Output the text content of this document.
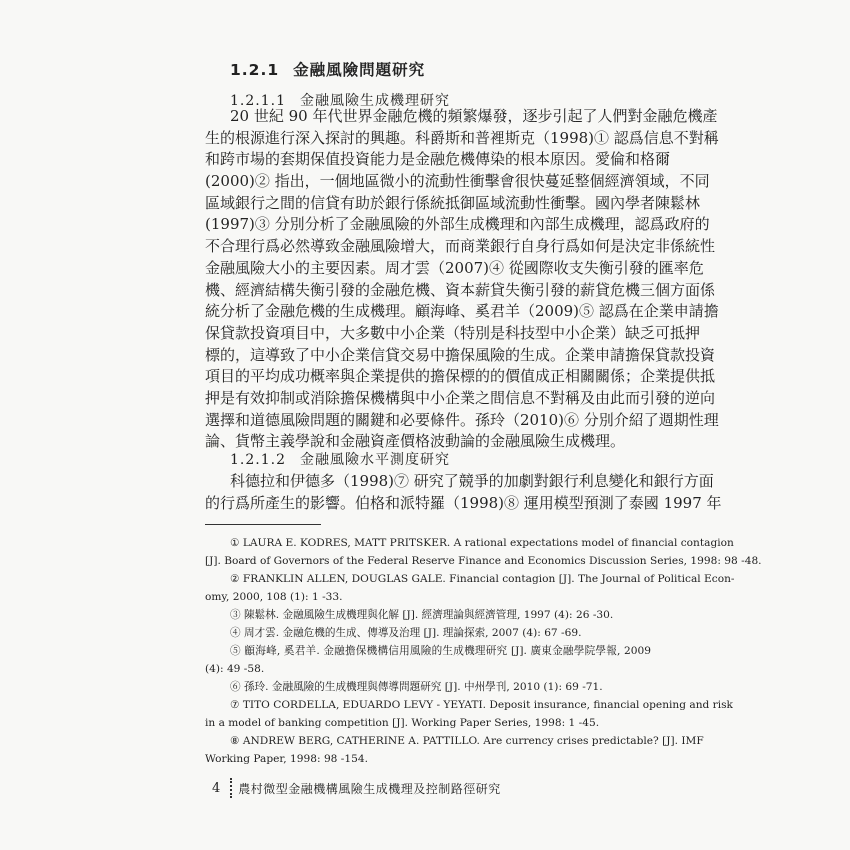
1.2.1 金融風險問題研究
1.2.1.1 金融風險生成機理研究
20 世紀 90 年代世界金融危機的頻繁爆發，逐步引起了人們對金融危機產
生的根源進行深入探討的興趣。科爵斯和普裡斯克（1998)① 認爲信息不對稱
和跨市場的套期保值投資能力是金融危機傳染的根本原因。愛倫和格爾
(2000)② 指出，一個地區微小的流動性衝擊會很快蔓延整個經濟領域，不同
區域銀行之間的信貸有助於銀行係統抵御區域流動性衝擊。國內學者陳鬆林
(1997)③ 分別分析了金融風險的外部生成機理和內部生成機理，認爲政府的
不合理行爲必然導致金融風險增大，而商業銀行自身行爲如何是決定非係統性
金融風險大小的主要因素。周才雲（2007)④ 從國際收支失衡引發的匯率危
機、經濟結構失衡引發的金融危機、資本薪貸失衡引發的薪貸危機三個方面係
統分析了金融危機的生成機理。顧海峰、奚君羊（2009)⑤ 認爲在企業申請擔
保貸款投資項目中，大多數中小企業（特別是科技型中小企業）缺乏可抵押
標的，這導致了中小企業信貸交易中擔保風險的生成。企業申請擔保貸款投資
項目的平均成功概率與企業提供的擔保標的的價值成正相關關係；企業提供抵
押是有效抑制或消除擔保機構與中小企業之間信息不對稱及由此而引發的逆向
選擇和道德風險問題的關鍵和必要條件。孫玲（2010)⑥ 分別介紹了週期性理
論、貨幣主義學說和金融資產價格波動論的金融風險生成機理。
1.2.1.2 金融風險水平測度研究
科德拉和伊德多（1998)⑦ 研究了競爭的加劇對銀行利息變化和銀行方面
的行爲所產生的影響。伯格和派特羅（1998)⑧ 運用模型預測了泰國 1997 年
① LAURA E. KODRES, MATT PRITSKER. A rational expectations model of financial contagion
[J]. Board of Governors of the Federal Reserve Finance and Economics Discussion Series, 1998: 98 -48.
② FRANKLIN ALLEN, DOUGLAS GALE. Financial contagion [J]. The Journal of Political Econ-
omy, 2000, 108 (1): 1 -33.
③ 陳鬆林. 金融風險生成機理與化解 [J]. 經濟理論與經濟管理, 1997 (4): 26 -30.
④ 周才雲. 金融危機的生成、傳導及治理 [J]. 理論探索, 2007 (4): 67 -69.
⑤ 顧海峰, 奚君羊. 金融擔保機構信用風險的生成機理研究 [J]. 廣東金融學院學報, 2009
(4): 49 -58.
⑥ 孫玲. 金融風險的生成機理與傳導問題研究 [J]. 中州學刊, 2010 (1): 69 -71.
⑦ TITO CORDELLA, EDUARDO LEVY - YEYATI. Deposit insurance, financial opening and risk
in a model of banking competition [J]. Working Paper Series, 1998: 1 -45.
⑧ ANDREW BERG, CATHERINE A. PATTILLO. Are currency crises predictable? [J]. IMF
Working Paper, 1998: 98 -154.
4 農村微型金融機構風險生成機理及控制路徑研究
